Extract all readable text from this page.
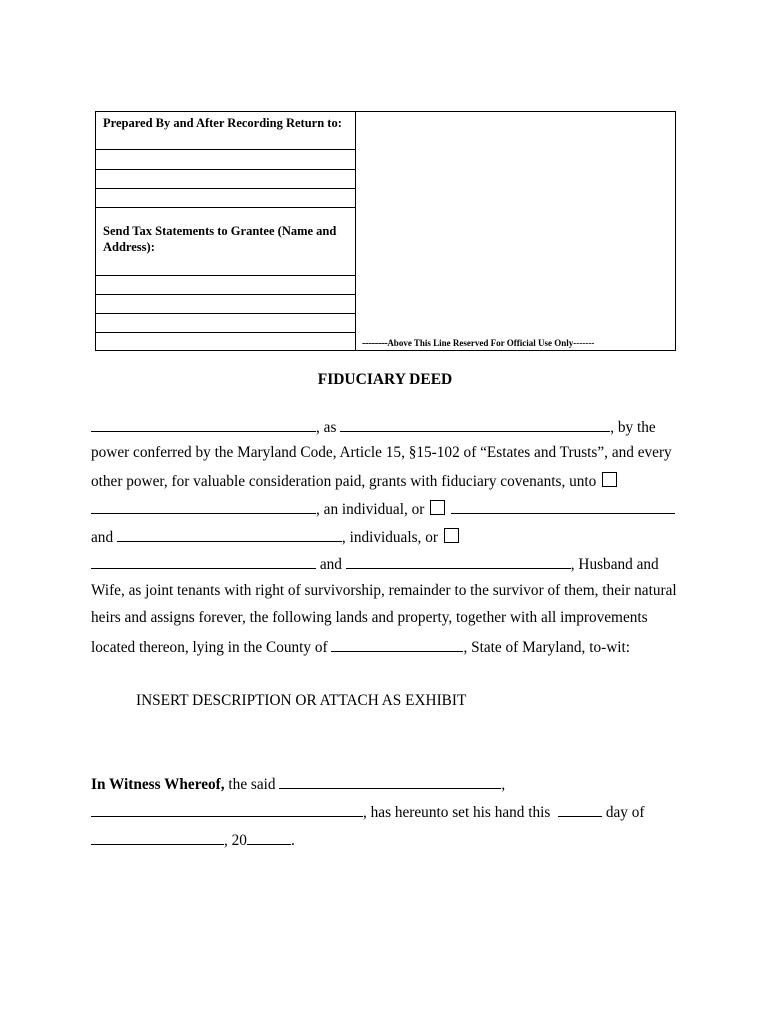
Prepared By and After Recording Return to:

Send Tax Statements to Grantee (Name and Address):

--------Above This Line Reserved For Official Use Only-------
FIDUCIARY DEED
, as	, by the
power conferred by the Maryland Code, Article 15, §15-102 of “Estates and Trusts”, and every
other power, for valuable consideration paid, grants with fiduciary covenants, unto
, an individual, or
and	, individuals, or
and	, Husband and
Wife, as joint tenants with right of survivorship, remainder to the survivor of them, their natural
heirs and assigns forever, the following lands and property, together with all improvements
located thereon, lying in the County of	, State of Maryland, to-wit:
INSERT DESCRIPTION OR ATTACH AS EXHIBIT
In Witness Whereof, the said	,
, has hereunto set his hand this	day of
, 20	.
